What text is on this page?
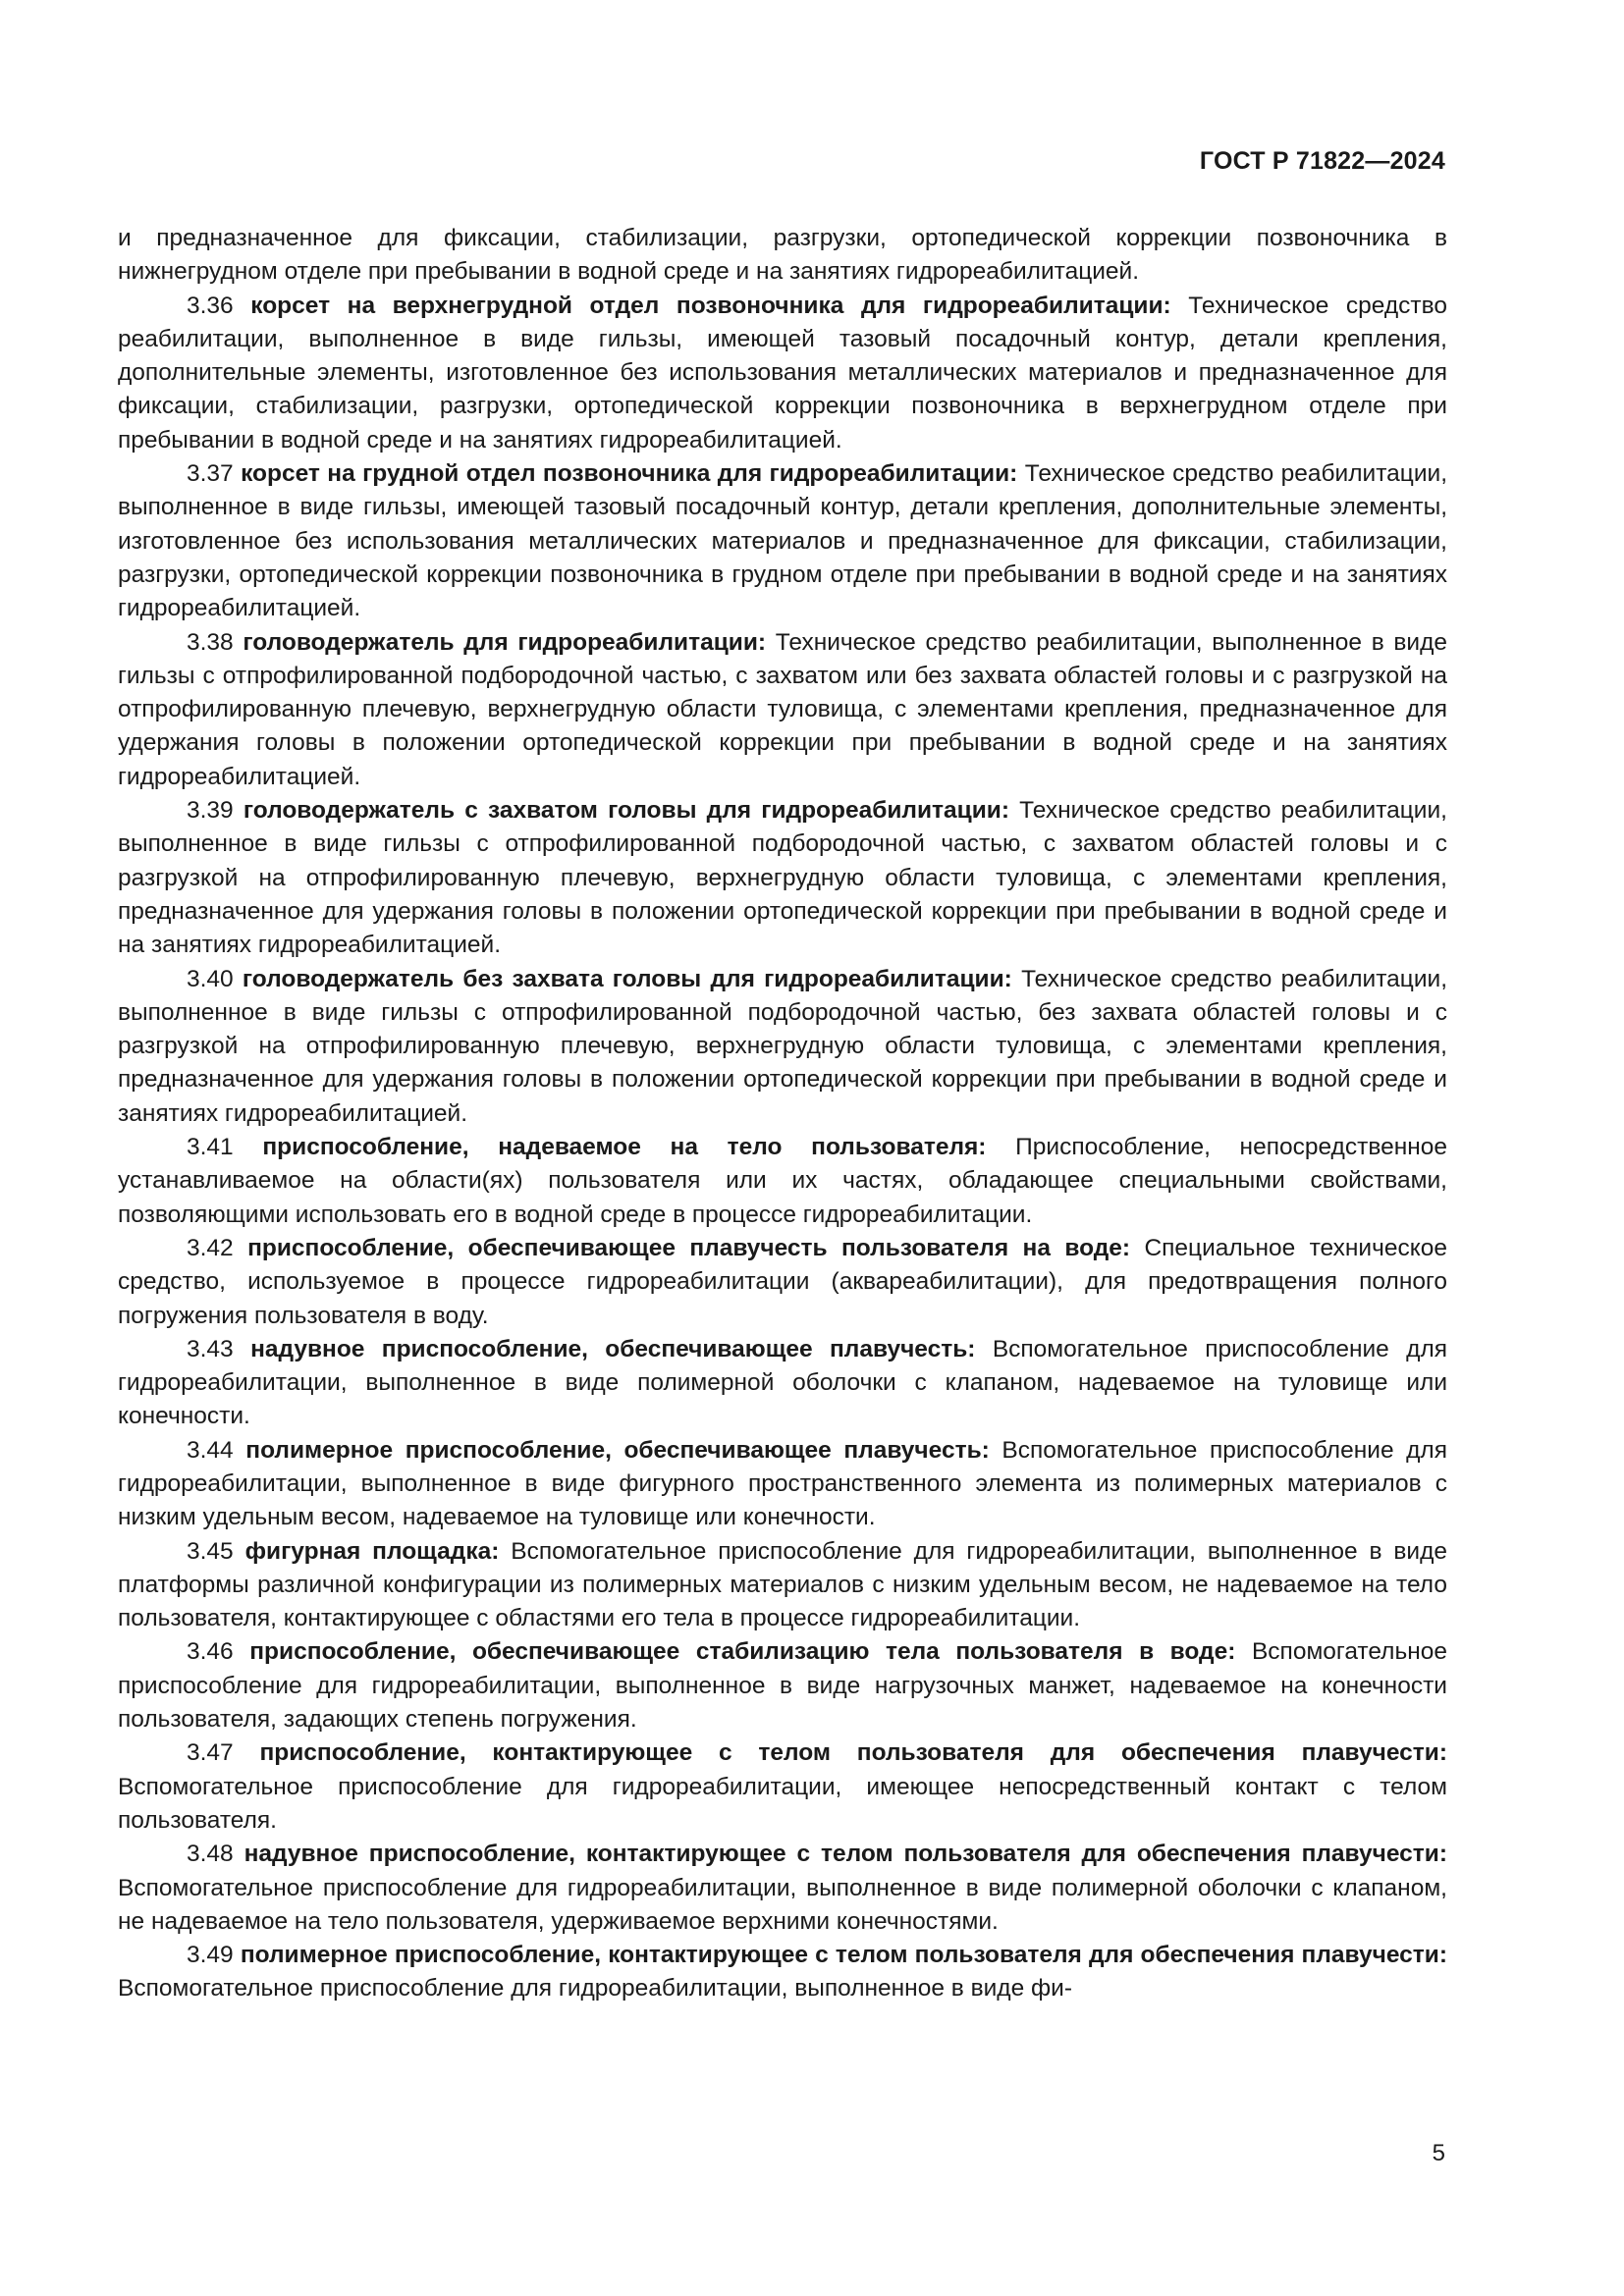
ГОСТ Р 71822—2024

и предназначенное для фиксации, стабилизации, разгрузки, ортопедической коррекции позвоночника в нижнегрудном отделе при пребывании в водной среде и на занятиях гидрореабилитацией.

3.36 корсет на верхнегрудной отдел позвоночника для гидрореабилитации: Техническое средство реабилитации, выполненное в виде гильзы, имеющей тазовый посадочный контур, детали крепления, дополнительные элементы, изготовленное без использования металлических материалов и предназначенное для фиксации, стабилизации, разгрузки, ортопедической коррекции позвоночника в верхнегрудном отделе при пребывании в водной среде и на занятиях гидрореабилитацией.

3.37 корсет на грудной отдел позвоночника для гидрореабилитации: Техническое средство реабилитации, выполненное в виде гильзы, имеющей тазовый посадочный контур, детали крепления, дополнительные элементы, изготовленное без использования металлических материалов и предназначенное для фиксации, стабилизации, разгрузки, ортопедической коррекции позвоночника в грудном отделе при пребывании в водной среде и на занятиях гидрореабилитацией.

3.38 головодержатель для гидрореабилитации: Техническое средство реабилитации, выполненное в виде гильзы с отпрофилированной подбородочной частью, с захватом или без захвата областей головы и с разгрузкой на отпрофилированную плечевую, верхнегрудную области туловища, с элементами крепления, предназначенное для удержания головы в положении ортопедической коррекции при пребывании в водной среде и на занятиях гидрореабилитацией.

3.39 головодержатель с захватом головы для гидрореабилитации: Техническое средство реабилитации, выполненное в виде гильзы с отпрофилированной подбородочной частью, с захватом областей головы и с разгрузкой на отпрофилированную плечевую, верхнегрудную области туловища, с элементами крепления, предназначенное для удержания головы в положении ортопедической коррекции при пребывании в водной среде и на занятиях гидрореабилитацией.

3.40 головодержатель без захвата головы для гидрореабилитации: Техническое средство реабилитации, выполненное в виде гильзы с отпрофилированной подбородочной частью, без захвата областей головы и с разгрузкой на отпрофилированную плечевую, верхнегрудную области туловища, с элементами крепления, предназначенное для удержания головы в положении ортопедической коррекции при пребывании в водной среде и занятиях гидрореабилитацией.

3.41 приспособление, надеваемое на тело пользователя: Приспособление, непосредственное устанавливаемое на области(ях) пользователя или их частях, обладающее специальными свойствами, позволяющими использовать его в водной среде в процессе гидрореабилитации.

3.42 приспособление, обеспечивающее плавучесть пользователя на воде: Специальное техническое средство, используемое в процессе гидрореабилитации (аквареабилитации), для предотвращения полного погружения пользователя в воду.

3.43 надувное приспособление, обеспечивающее плавучесть: Вспомогательное приспособление для гидрореабилитации, выполненное в виде полимерной оболочки с клапаном, надеваемое на туловище или конечности.

3.44 полимерное приспособление, обеспечивающее плавучесть: Вспомогательное приспособление для гидрореабилитации, выполненное в виде фигурного пространственного элемента из полимерных материалов с низким удельным весом, надеваемое на туловище или конечности.

3.45 фигурная площадка: Вспомогательное приспособление для гидрореабилитации, выполненное в виде платформы различной конфигурации из полимерных материалов с низким удельным весом, не надеваемое на тело пользователя, контактирующее с областями его тела в процессе гидрореабилитации.

3.46 приспособление, обеспечивающее стабилизацию тела пользователя в воде: Вспомогательное приспособление для гидрореабилитации, выполненное в виде нагрузочных манжет, надеваемое на конечности пользователя, задающих степень погружения.

3.47 приспособление, контактирующее с телом пользователя для обеспечения плавучести: Вспомогательное приспособление для гидрореабилитации, имеющее непосредственный контакт с телом пользователя.

3.48 надувное приспособление, контактирующее с телом пользователя для обеспечения плавучести: Вспомогательное приспособление для гидрореабилитации, выполненное в виде полимерной оболочки с клапаном, не надеваемое на тело пользователя, удерживаемое верхними конечностями.

3.49 полимерное приспособление, контактирующее с телом пользователя для обеспечения плавучести: Вспомогательное приспособление для гидрореабилитации, выполненное в виде фи-

5
